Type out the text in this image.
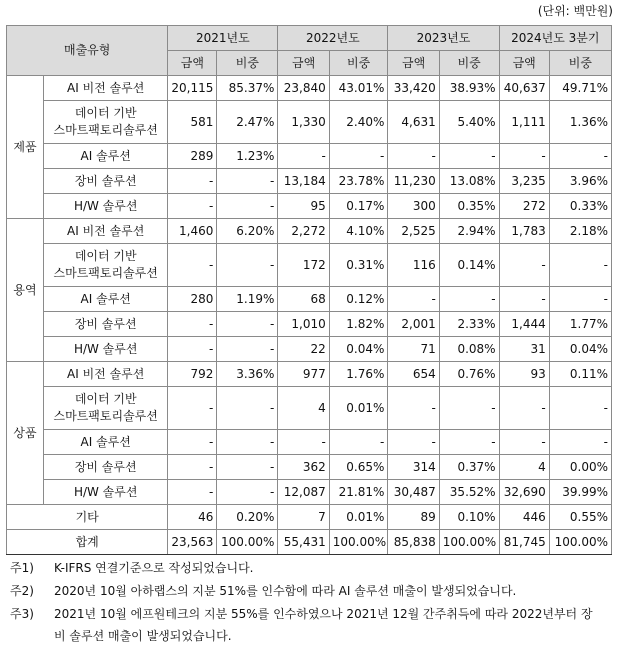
(단위: 백만원)
매출유형		2021년도		2022년도		2023년도		2024년도 3분기	
		금액	비중	금액	비중	금액	비중	금액	비중
제품	AI 비전 솔루션	20,115	85.37%	23,840	43.01%	33,420	38.93%	40,637	49.71%

	데이터 기반
스마트팩토리솔루션	581	2.47%	1,330	2.40%	4,631	5.40%	1,111	1.36%

	AI 솔루션	289	1.23%	-	-	-	-	-	-

	장비 솔루션	-	-	13,184	23.78%	11,230	13.08%	3,235	3.96%

	H/W 솔루션	-	-	95	0.17%	300	0.35%	272	0.33%
용역	AI 비전 솔루션	1,460	6.20%	2,272	4.10%	2,525	2.94%	1,783	2.18%

	데이터 기반
스마트팩토리솔루션	-	-	172	0.31%	116	0.14%	-	-

	AI 솔루션	280	1.19%	68	0.12%	-	-	-	-

	장비 솔루션	-	-	1,010	1.82%	2,001	2.33%	1,444	1.77%

	H/W 솔루션	-	-	22	0.04%	71	0.08%	31	0.04%
상품	AI 비전 솔루션	792	3.36%	977	1.76%	654	0.76%	93	0.11%

	데이터 기반
스마트팩토리솔루션	-	-	4	0.01%	-	-	-	-

	AI 솔루션	-	-	-	-	-	-	-	-

	장비 솔루션	-	-	362	0.65%	314	0.37%	4	0.00%

	H/W 솔루션	-	-	12,087	21.81%	30,487	35.52%	32,690	39.99%
기타		46	0.20%	7	0.01%	89	0.10%	446	0.55%
합계		23,563	100.00%	55,431	100.00%	85,838	100.00%	81,745	100.00%
주1)	K-IFRS 연결기준으로 작성되었습니다.
주2)	2020년 10월 아하랩스의 지분 51%를 인수함에 따라 AI 솔루션 매출이 발생되었습니다.
주3)	2021년 10월 에프원테크의 지분 55%를 인수하였으나 2021년 12월 간주취득에 따라 2022년부터 장비 솔루션 매출이 발생되었습니다.
